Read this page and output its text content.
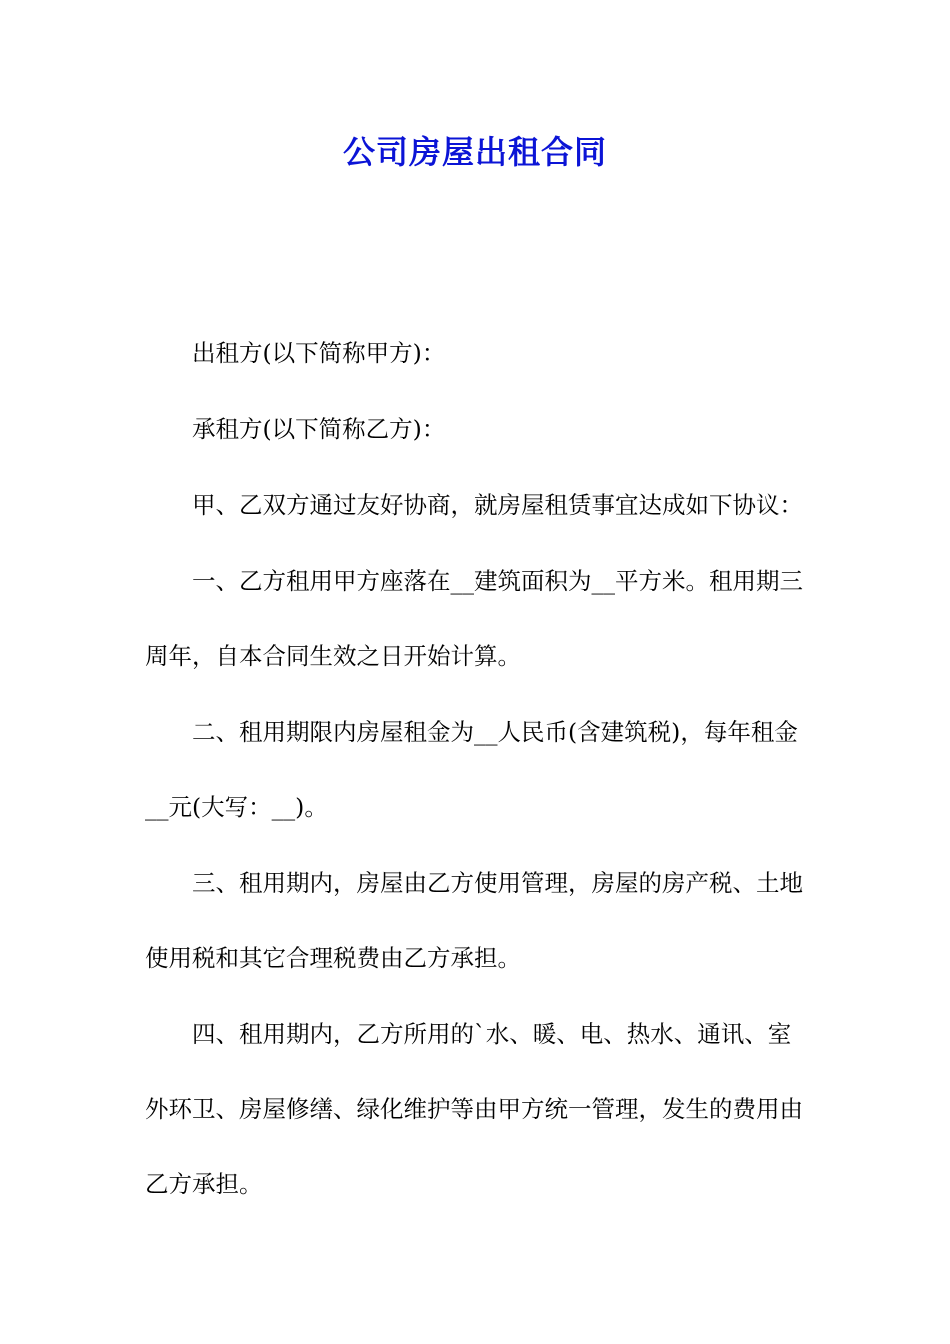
公司房屋出租合同

出租方(以下简称甲方)：

承租方(以下简称乙方)：

甲、乙双方通过友好协商，就房屋租赁事宜达成如下协议：

一、乙方租用甲方座落在__建筑面积为__平方米。租用期三周年，自本合同生效之日开始计算。

二、租用期限内房屋租金为__人民币(含建筑税)，每年租金__元(大写：__)。

三、租用期内，房屋由乙方使用管理，房屋的房产税、土地使用税和其它合理税费由乙方承担。

四、租用期内，乙方所用的`水、暖、电、热水、通讯、室外环卫、房屋修缮、绿化维护等由甲方统一管理，发生的费用由乙方承担。
